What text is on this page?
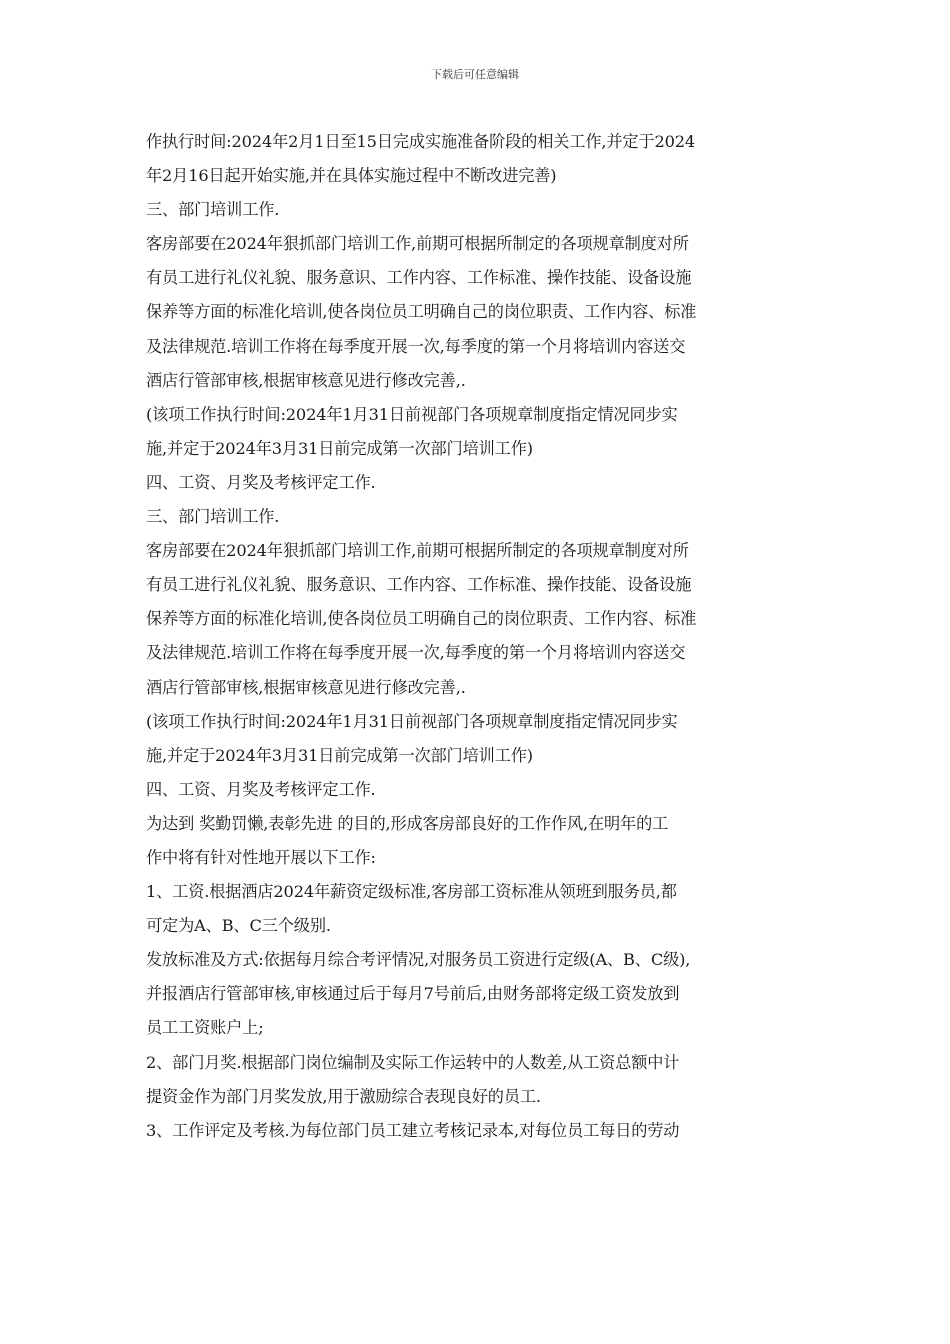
下载后可任意编辑
作执行时间:2024年2月1日至15日完成实施准备阶段的相关工作,并定于2024
年2月16日起开始实施,并在具体实施过程中不断改进完善)
三、部门培训工作.
客房部要在2024年狠抓部门培训工作,前期可根据所制定的各项规章制度对所
有员工进行礼仪礼貌、服务意识、工作内容、工作标准、操作技能、设备设施
保养等方面的标准化培训,使各岗位员工明确自己的岗位职责、工作内容、标准
及法律规范.培训工作将在每季度开展一次,每季度的第一个月将培训内容送交
酒店行管部审核,根据审核意见进行修改完善,.
(该项工作执行时间:2024年1月31日前视部门各项规章制度指定情况同步实
施,并定于2024年3月31日前完成第一次部门培训工作)
四、工资、月奖及考核评定工作.
三、部门培训工作.
客房部要在2024年狠抓部门培训工作,前期可根据所制定的各项规章制度对所
有员工进行礼仪礼貌、服务意识、工作内容、工作标准、操作技能、设备设施
保养等方面的标准化培训,使各岗位员工明确自己的岗位职责、工作内容、标准
及法律规范.培训工作将在每季度开展一次,每季度的第一个月将培训内容送交
酒店行管部审核,根据审核意见进行修改完善,.
(该项工作执行时间:2024年1月31日前视部门各项规章制度指定情况同步实
施,并定于2024年3月31日前完成第一次部门培训工作)
四、工资、月奖及考核评定工作.
为达到 奖勤罚懒,表彰先进 的目的,形成客房部良好的工作作风,在明年的工
作中将有针对性地开展以下工作:
1、工资.根据酒店2024年薪资定级标准,客房部工资标准从领班到服务员,都
可定为A、B、C三个级别.
发放标准及方式:依据每月综合考评情况,对服务员工资进行定级(A、B、C级),
并报酒店行管部审核,审核通过后于每月7号前后,由财务部将定级工资发放到
员工工资账户上;
2、部门月奖.根据部门岗位编制及实际工作运转中的人数差,从工资总额中计
提资金作为部门月奖发放,用于激励综合表现良好的员工.
3、工作评定及考核.为每位部门员工建立考核记录本,对每位员工每日的劳动
